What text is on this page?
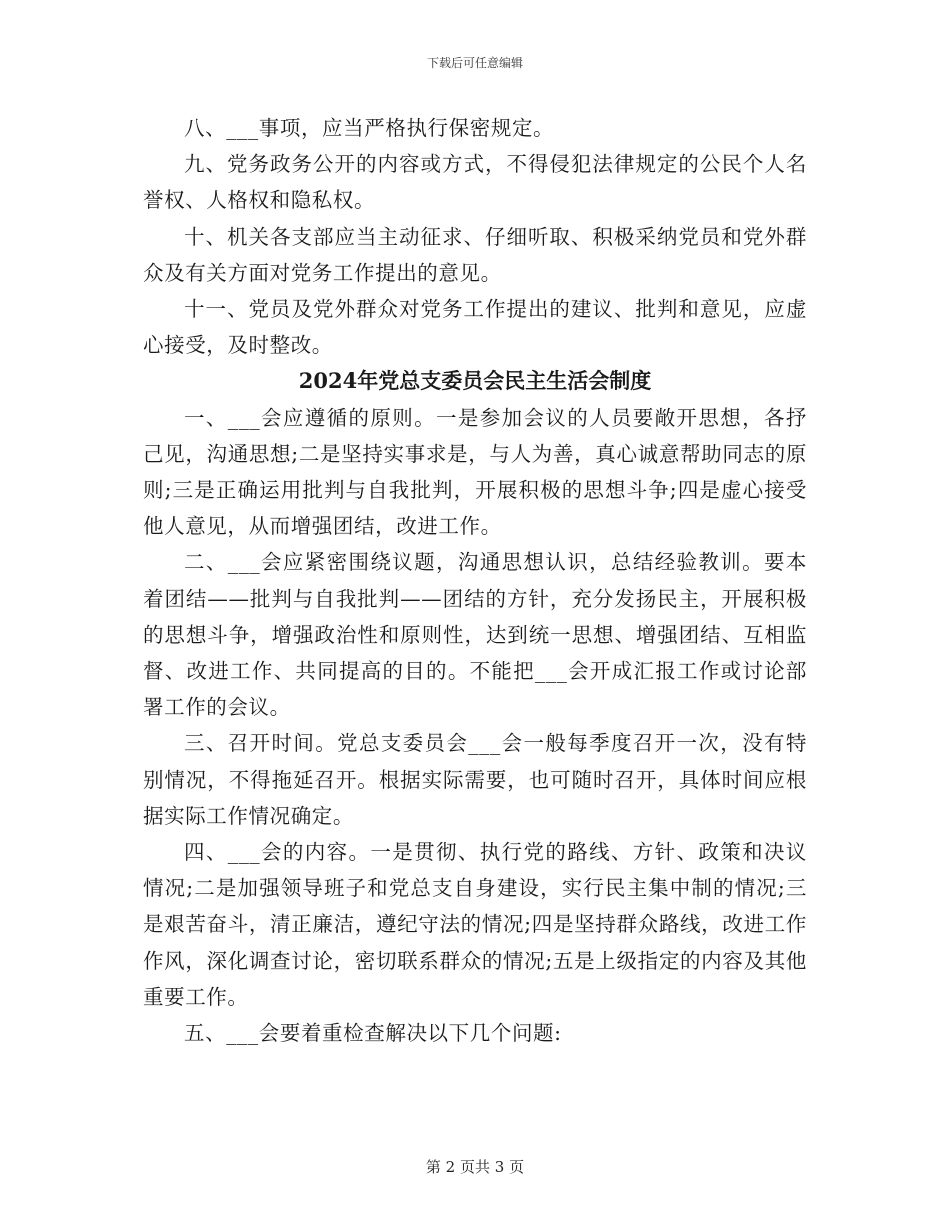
下载后可任意编辑

八、___事项，应当严格执行保密规定。

九、党务政务公开的内容或方式，不得侵犯法律规定的公民个人名誉权、人格权和隐私权。

十、机关各支部应当主动征求、仔细听取、积极采纳党员和党外群众及有关方面对党务工作提出的意见。

十一、党员及党外群众对党务工作提出的建议、批判和意见，应虚心接受，及时整改。

2024年党总支委员会民主生活会制度

一、___会应遵循的原则。一是参加会议的人员要敞开思想，各抒己见，沟通思想;二是坚持实事求是，与人为善，真心诚意帮助同志的原则;三是正确运用批判与自我批判，开展积极的思想斗争;四是虚心接受他人意见，从而增强团结，改进工作。

二、___会应紧密围绕议题，沟通思想认识，总结经验教训。要本着团结——批判与自我批判——团结的方针，充分发扬民主，开展积极的思想斗争，增强政治性和原则性，达到统一思想、增强团结、互相监督、改进工作、共同提高的目的。不能把___会开成汇报工作或讨论部署工作的会议。

三、召开时间。党总支委员会___会一般每季度召开一次，没有特别情况，不得拖延召开。根据实际需要，也可随时召开，具体时间应根据实际工作情况确定。

四、___会的内容。一是贯彻、执行党的路线、方针、政策和决议情况;二是加强领导班子和党总支自身建设，实行民主集中制的情况;三是艰苦奋斗，清正廉洁，遵纪守法的情况;四是坚持群众路线，改进工作作风，深化调查讨论，密切联系群众的情况;五是上级指定的内容及其他重要工作。

五、___会要着重检查解决以下几个问题:

第 2 页共 3 页
